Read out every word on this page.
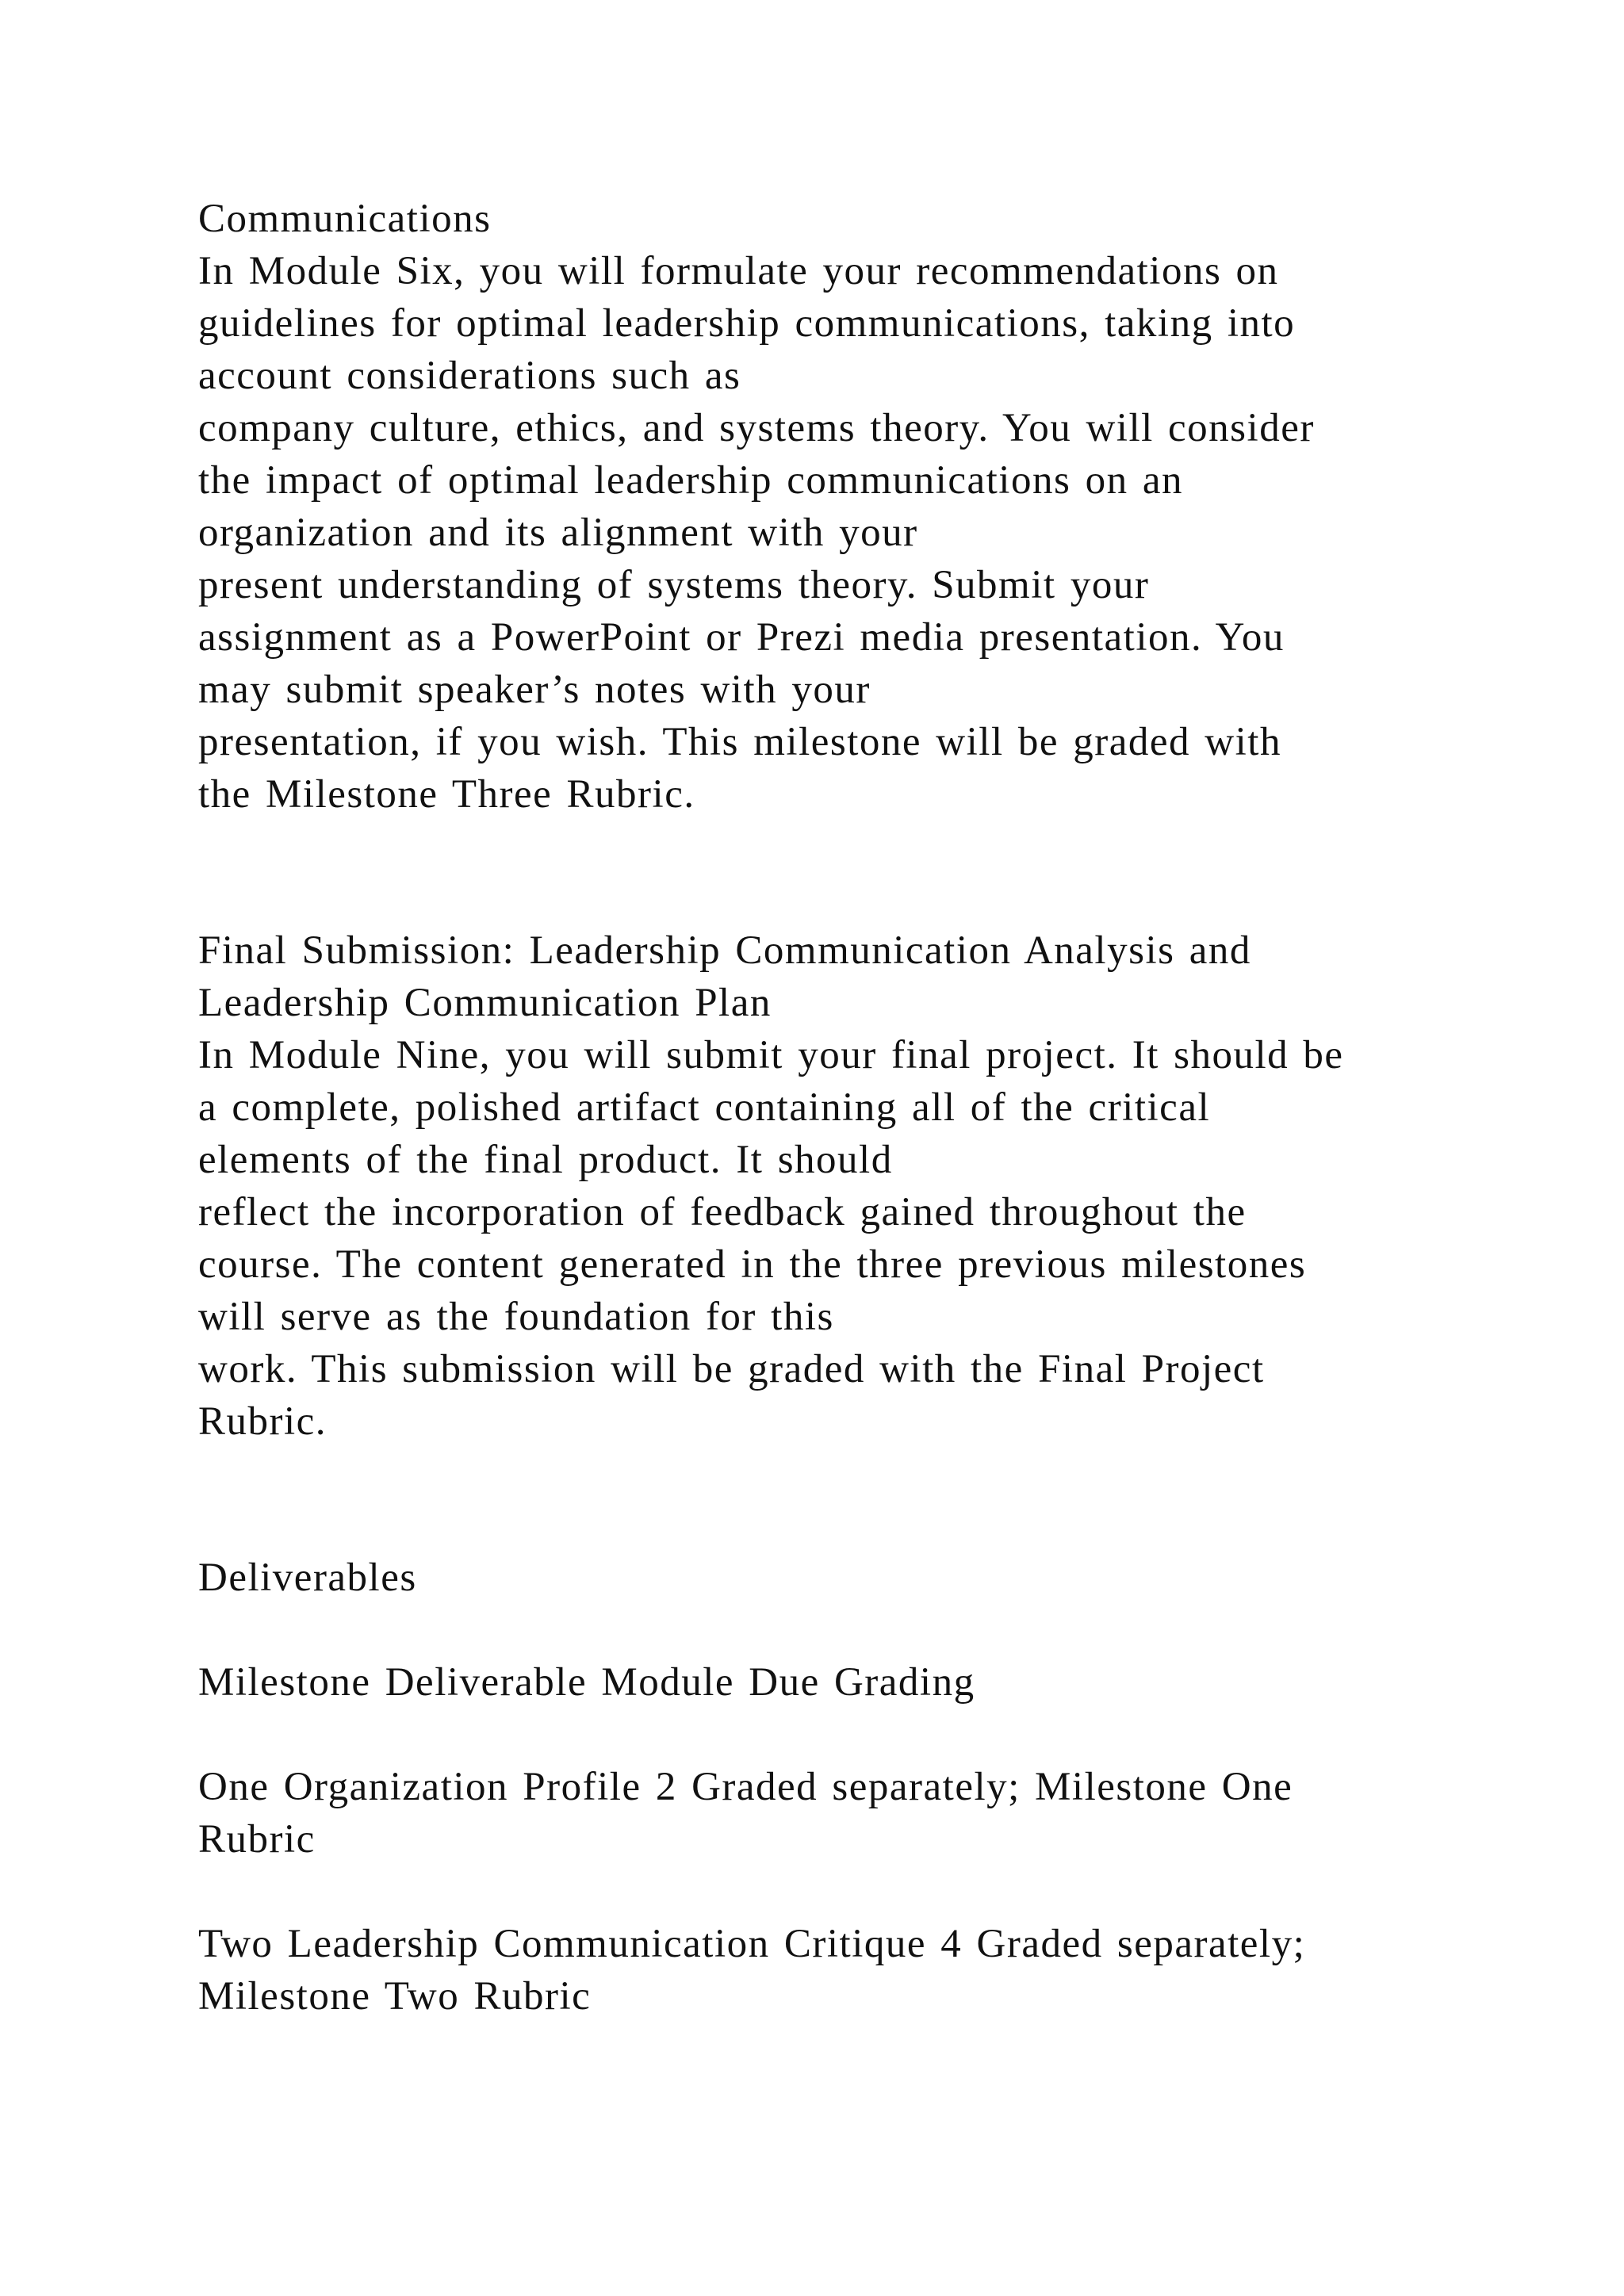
Communications
In Module Six, you will formulate your recommendations on
guidelines for optimal leadership communications, taking into
account considerations such as
company culture, ethics, and systems theory. You will consider
the impact of optimal leadership communications on an
organization and its alignment with your
present understanding of systems theory. Submit your
assignment as a PowerPoint or Prezi media presentation. You
may submit speaker’s notes with your
presentation, if you wish. This milestone will be graded with
the Milestone Three Rubric.
Final Submission: Leadership Communication Analysis and
Leadership Communication Plan
In Module Nine, you will submit your final project. It should be
a complete, polished artifact containing all of the critical
elements of the final product. It should
reflect the incorporation of feedback gained throughout the
course. The content generated in the three previous milestones
will serve as the foundation for this
work. This submission will be graded with the Final Project
Rubric.
Deliverables
Milestone Deliverable Module Due Grading
One Organization Profile 2 Graded separately; Milestone One
Rubric
Two Leadership Communication Critique 4 Graded separately;
Milestone Two Rubric
